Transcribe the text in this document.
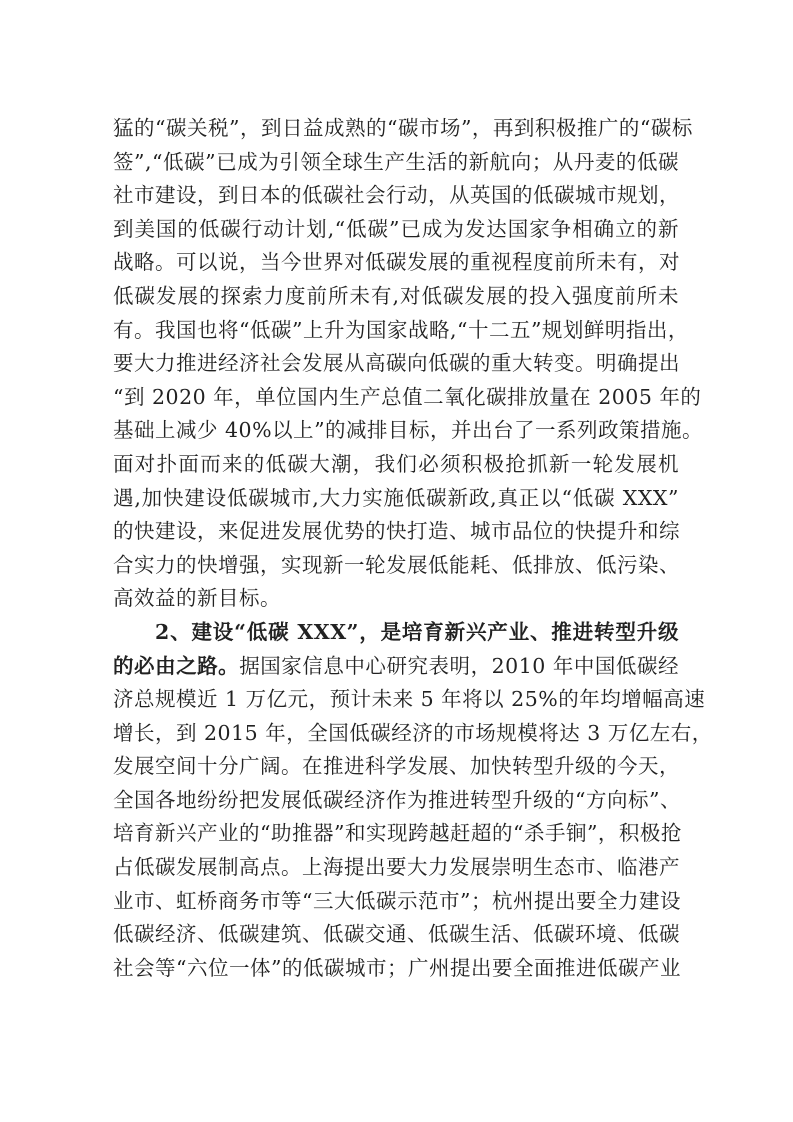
猛的“碳关税”，到日益成熟的“碳市场”，再到积极推广的“碳标
签”,“低碳”已成为引领全球生产生活的新航向；从丹麦的低碳
社市建设，到日本的低碳社会行动，从英国的低碳城市规划，
到美国的低碳行动计划,“低碳”已成为发达国家争相确立的新
战略。可以说，当今世界对低碳发展的重视程度前所未有，对
低碳发展的探索力度前所未有,对低碳发展的投入强度前所未
有。我国也将“低碳”上升为国家战略,“十二五”规划鲜明指出，
要大力推进经济社会发展从高碳向低碳的重大转变。明确提出
“到 2020 年，单位国内生产总值二氧化碳排放量在 2005 年的
基础上减少 40%以上”的减排目标，并出台了一系列政策措施。
面对扑面而来的低碳大潮，我们必须积极抢抓新一轮发展机
遇,加快建设低碳城市,大力实施低碳新政,真正以“低碳 XXX”
的快建设，来促进发展优势的快打造、城市品位的快提升和综
合实力的快增强，实现新一轮发展低能耗、低排放、低污染、
高效益的新目标。
2、建设“低碳 XXX”，是培育新兴产业、推进转型升级
的必由之路。据国家信息中心研究表明，2010 年中国低碳经
济总规模近 1 万亿元，预计未来 5 年将以 25%的年均增幅高速
增长，到 2015 年，全国低碳经济的市场规模将达 3 万亿左右，
发展空间十分广阔。在推进科学发展、加快转型升级的今天，
全国各地纷纷把发展低碳经济作为推进转型升级的“方向标”、
培育新兴产业的“助推器”和实现跨越赶超的“杀手锏”，积极抢
占低碳发展制高点。上海提出要大力发展崇明生态市、临港产
业市、虹桥商务市等“三大低碳示范市”；杭州提出要全力建设
低碳经济、低碳建筑、低碳交通、低碳生活、低碳环境、低碳
社会等“六位一体”的低碳城市；广州提出要全面推进低碳产业
